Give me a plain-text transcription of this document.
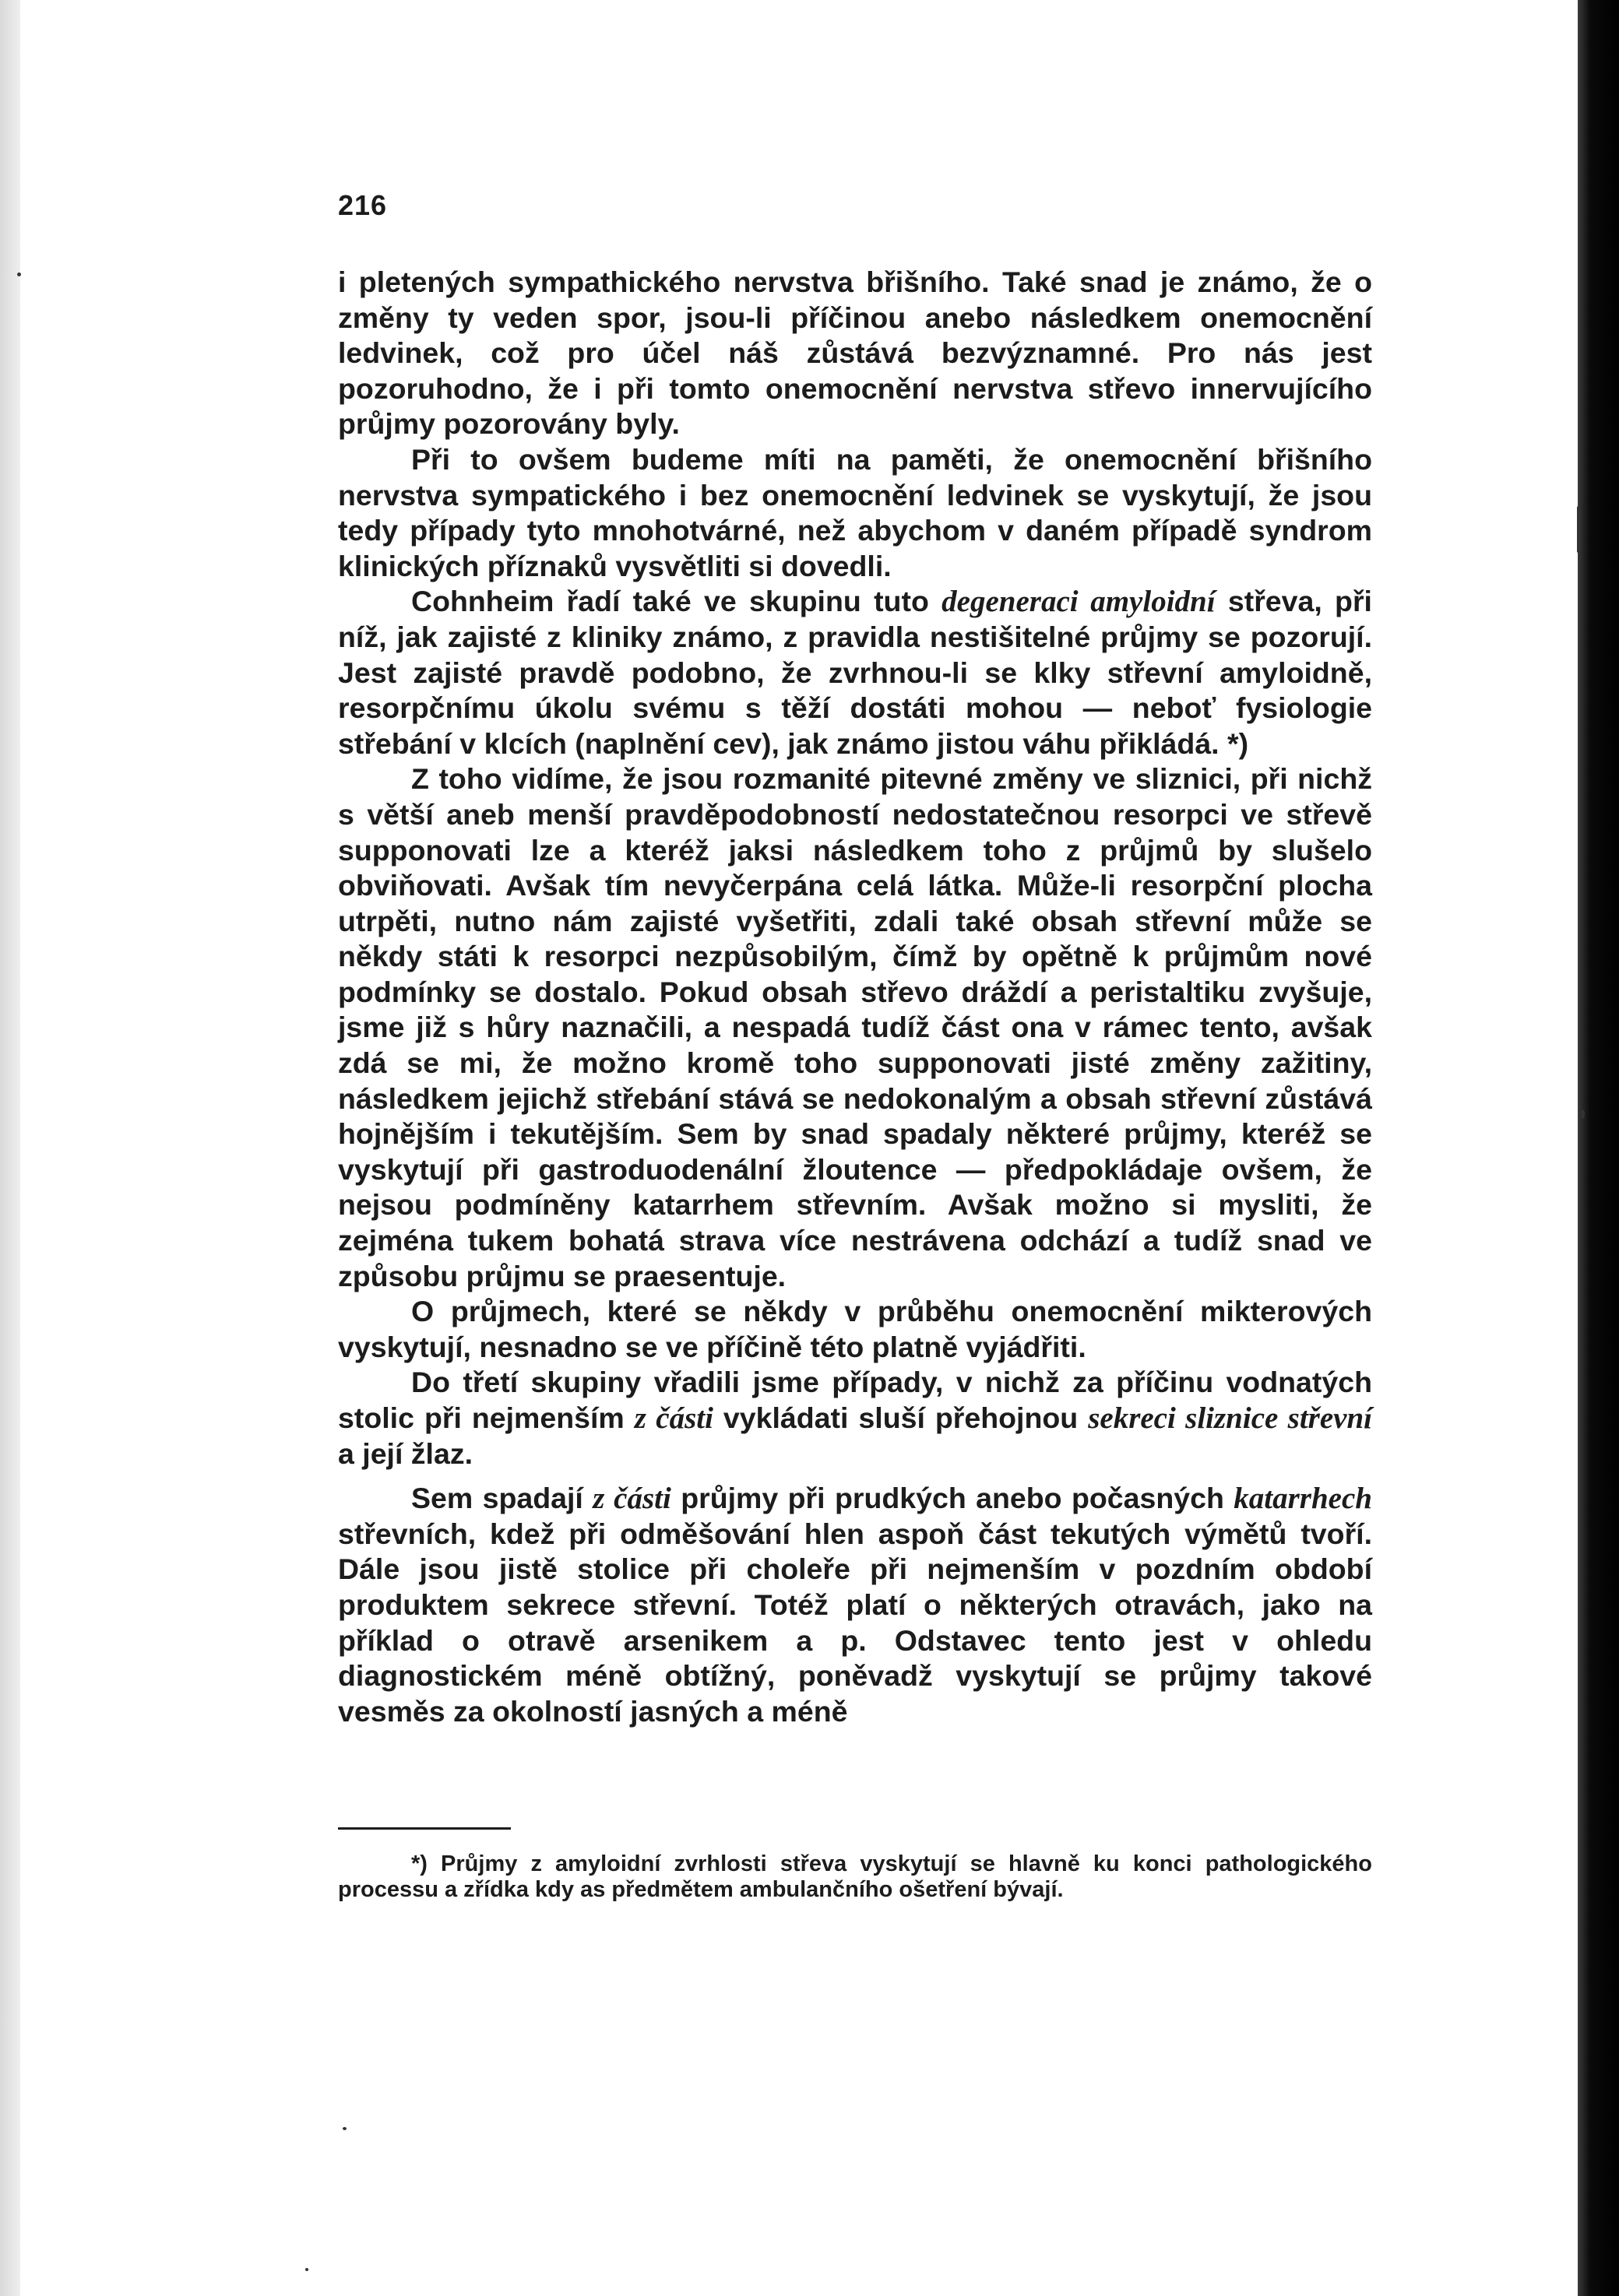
216

i pletených sympathického nervstva břišního. Také snad je známo, že o změny ty veden spor, jsou-li příčinou anebo následkem onemocnění ledvinek, což pro účel náš zůstává bezvýznamné. Pro nás jest pozoruhodno, že i při tomto onemocnění nervstva střevo innervujícího průjmy pozorovány byly.

Při to ovšem budeme míti na paměti, že onemocnění břišního nervstva sympatického i bez onemocnění ledvinek se vyskytují, že jsou tedy případy tyto mnohotvárné, než abychom v daném případě syndrom klinických příznaků vysvětliti si dovedli.

Cohnheim řadí také ve skupinu tuto degeneraci amyloidní střeva, při níž, jak zajisté z kliniky známo, z pravidla nestišitelné průjmy se pozorují. Jest zajisté pravdě podobno, že zvrhnou-li se klky střevní amyloidně, resorpčnímu úkolu svému s těží dostáti mohou — neboť fysiologie střebání v klcích (naplnění cev), jak známo jistou váhu přikládá. *)

Z toho vidíme, že jsou rozmanité pitevné změny ve sliznici, při nichž s větší aneb menší pravděpodobností nedostatečnou resorpci ve střevě supponovati lze a kteréž jaksi následkem toho z průjmů by slušelo obviňovati. Avšak tím nevyčerpána celá látka. Může-li resorpční plocha utrpěti, nutno nám zajisté vyšetřiti, zdali také obsah střevní může se někdy státi k resorpci nezpůsobilým, čímž by opětně k průjmům nové podmínky se dostalo. Pokud obsah střevo dráždí a peristaltiku zvyšuje, jsme již s hůry naznačili, a nespadá tudíž část ona v rámec tento, avšak zdá se mi, že možno kromě toho supponovati jisté změny zažitiny, následkem jejichž střebání stává se nedokonalým a obsah střevní zůstává hojnějším i tekutějším. Sem by snad spadaly některé průjmy, kteréž se vyskytují při gastroduodenální žloutence — předpokládaje ovšem, že nejsou podmíněny katarrhem střevním. Avšak možno si mysliti, že zejména tukem bohatá strava více nestrávena odchází a tudíž snad ve způsobu průjmu se praesentuje.

O průjmech, které se někdy v průběhu onemocnění mikterových vyskytují, nesnadno se ve příčině této platně vyjádřiti.

Do třetí skupiny vřadili jsme případy, v nichž za příčinu vodnatých stolic při nejmenším z části vykládati sluší přehojnou sekreci sliznice střevní a její žlaz.

Sem spadají z části průjmy při prudkých anebo počasných katarrhech střevních, kdež při odměšování hlen aspoň část tekutých výmětů tvoří. Dále jsou jistě stolice při choleře při nejmenším v pozdním období produktem sekrece střevní. Totéž platí o některých otravách, jako na příklad o otravě arsenikem a p. Odstavec tento jest v ohledu diagnostickém méně obtížný, poněvadž vyskytují se průjmy takové vesměs za okolností jasných a méně

*) Průjmy z amyloidní zvrhlosti střeva vyskytují se hlavně ku konci pathologického processu a zřídka kdy as předmětem ambulančního ošetření bývají.
